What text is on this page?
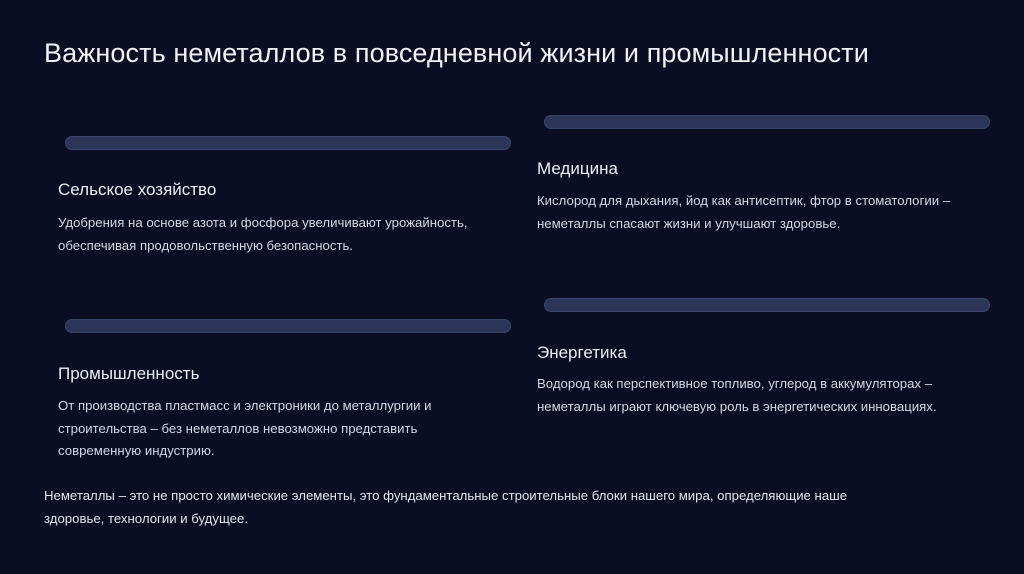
Важность неметаллов в повседневной жизни и промышленности
Сельское хозяйство
Удобрения на основе азота и фосфора увеличивают урожайность, обеспечивая продовольственную безопасность.
Медицина
Кислород для дыхания, йод как антисептик, фтор в стоматологии – неметаллы спасают жизни и улучшают здоровье.
Промышленность
От производства пластмасс и электроники до металлургии и строительства – без неметаллов невозможно представить современную индустрию.
Энергетика
Водород как перспективное топливо, углерод в аккумуляторах – неметаллы играют ключевую роль в энергетических инновациях.
Неметаллы – это не просто химические элементы, это фундаментальные строительные блоки нашего мира, определяющие наше здоровье, технологии и будущее.
